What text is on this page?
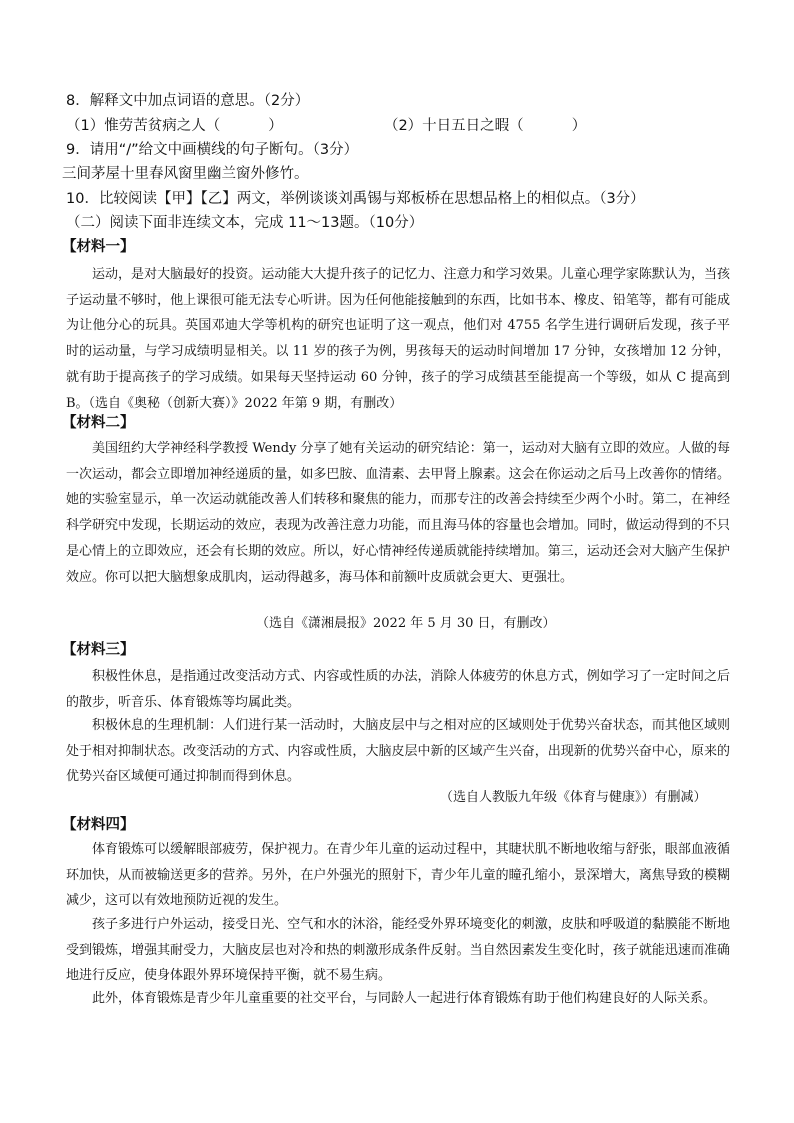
8．解释文中加点词语的意思。（2分）
（1）惟劳苦贫病之人（	）	（2）十日五日之暇（	）
9．请用“/”给文中画横线的句子断句。（3分）
三间茅屋十里春风窗里幽兰窗外修竹。
10．比较阅读【甲】【乙】两文，举例谈谈刘禹锡与郑板桥在思想品格上的相似点。（3分）
（二）阅读下面非连续文本，完成 11～13题。（10分）
【材料一】

运动，是对大脑最好的投资。运动能大大提升孩子的记忆力、注意力和学习效果。儿童心理学家陈默认为，当孩子运动量不够时，他上课很可能无法专心听讲。因为任何他能接触到的东西，比如书本、橡皮、铅笔等，都有可能成为让他分心的玩具。英国邓迪大学等机构的研究也证明了这一观点，他们对 4755 名学生进行调研后发现，孩子平时的运动量，与学习成绩明显相关。以 11 岁的孩子为例，男孩每天的运动时间增加 17 分钟，女孩增加 12 分钟，就有助于提高孩子的学习成绩。如果每天坚持运动 60 分钟，孩子的学习成绩甚至能提高一个等级，如从 C 提高到 B。（选自《奥秘（创新大赛）》2022 年第 9 期，有删改）

【材料二】

美国纽约大学神经科学教授 Wendy 分享了她有关运动的研究结论：第一，运动对大脑有立即的效应。人做的每一次运动，都会立即增加神经递质的量，如多巴胺、血清素、去甲肾上腺素。这会在你运动之后马上改善你的情绪。她的实验室显示，单一次运动就能改善人们转移和聚焦的能力，而那专注的改善会持续至少两个小时。第二，在神经科学研究中发现，长期运动的效应，表现为改善注意力功能，而且海马体的容量也会增加。同时，做运动得到的不只是心情上的立即效应，还会有长期的效应。所以，好心情神经传递质就能持续增加。第三，运动还会对大脑产生保护效应。你可以把大脑想象成肌肉，运动得越多，海马体和前额叶皮质就会更大、更强壮。

（选自《潇湘晨报》2022 年 5 月 30 日，有删改）
【材料三】

积极性休息，是指通过改变活动方式、内容或性质的办法，消除人体疲劳的休息方式，例如学习了一定时间之后的散步，听音乐、体育锻炼等均属此类。

积极休息的生理机制：人们进行某一活动时，大脑皮层中与之相对应的区域则处于优势兴奋状态，而其他区域则处于相对抑制状态。改变活动的方式、内容或性质，大脑皮层中新的区域产生兴奋，出现新的优势兴奋中心，原来的优势兴奋区域便可通过抑制而得到休息。

（选自人教版九年级《体育与健康》）有删减）
【材料四】

体育锻炼可以缓解眼部疲劳，保护视力。在青少年儿童的运动过程中，其睫状肌不断地收缩与舒张，眼部血液循环加快，从而被输送更多的营养。另外，在户外强光的照射下，青少年儿童的瞳孔缩小，景深增大，离焦导致的模糊减少，这可以有效地预防近视的发生。

孩子多进行户外运动，接受日光、空气和水的沐浴，能经受外界环境变化的刺激，皮肤和呼吸道的黏膜能不断地受到锻炼，增强其耐受力，大脑皮层也对冷和热的刺激形成条件反射。当自然因素发生变化时，孩子就能迅速而准确地进行反应，使身体跟外界环境保持平衡，就不易生病。

此外，体育锻炼是青少年儿童重要的社交平台，与同龄人一起进行体育锻炼有助于他们构建良好的人际关系。
